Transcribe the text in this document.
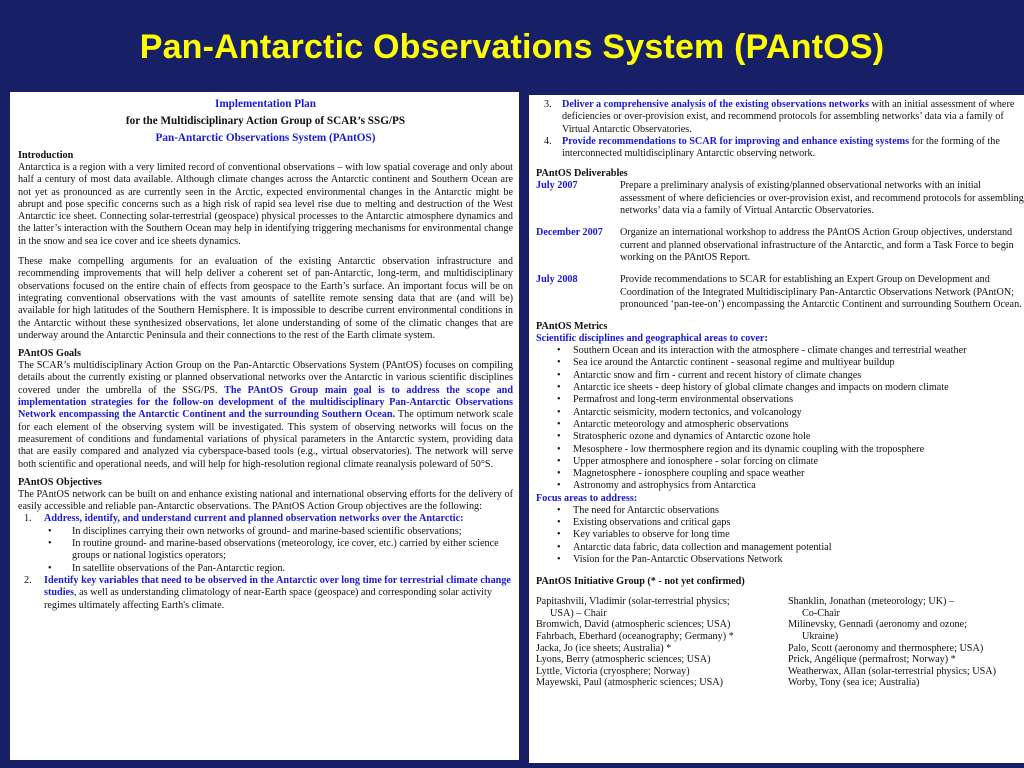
Pan-Antarctic Observations System (PAntOS)
Implementation Plan
for the Multidisciplinary Action Group of SCAR’s SSG/PS
Pan-Antarctic Observations System (PAntOS)
Introduction

Antarctica is a region with a very limited record of conventional observations – with low spatial coverage and only about half a century of most data available. Although climate changes across the Antarctic continent and Southern Ocean are not yet as pronounced as are currently seen in the Arctic, expected environmental changes in the Antarctic might be abrupt and pose specific concerns such as a high risk of rapid sea level rise due to melting and destruction of the West Antarctic ice sheet. Connecting solar-terrestrial (geospace) physical processes to the Antarctic atmosphere dynamics and the latter’s interaction with the Southern Ocean may help in identifying triggering mechanisms for environmental change in the snow and sea ice cover and ice sheets dynamics.

These make compelling arguments for an evaluation of the existing Antarctic observation infrastructure and recommending improvements that will help deliver a coherent set of pan-Antarctic, long-term, and multidisciplinary observations focused on the entire chain of effects from geospace to the Earth’s surface. An important focus will be on integrating conventional observations with the vast amounts of satellite remote sensing data that are (and will be) available for high latitudes of the Southern Hemisphere. It is impossible to describe current environmental conditions in the Antarctic without these synthesized observations, let alone understanding of some of the climatic changes that are underway around the Antarctic Peninsula and their connections to the rest of the Earth climate system.

PAntOS Goals

The SCAR’s multidisciplinary Action Group on the Pan-Antarctic Observations System (PAntOS) focuses on compiling details about the currently existing or planned observational networks over the Antarctic in various scientific disciplines covered under the umbrella of the SSG/PS. The PAntOS Group main goal is to address the scope and implementation strategies for the follow-on development of the multidisciplinary Pan-Antarctic Observations Network encompassing the Antarctic Continent and the surrounding Southern Ocean. The optimum network scale for each element of the observing system will be investigated. This system of observing networks will focus on the measurement of conditions and fundamental variations of physical parameters in the Antarctic system, providing data that are easily compared and analyzed via cyberspace-based tools (e.g., virtual observatories). The network will serve both scientific and operational needs, and will help for high-resolution regional climate reanalysis poleward of 50°S.

PAntOS Objectives

The PAntOS network can be built on and enhance existing national and international observing efforts for the delivery of easily accessible and reliable pan-Antarctic observations. The PAntOS Action Group objectives are the following:

1.	Address, identify, and understand current and planned observation networks over the Antarctic:
• In disciplines carrying their own networks of ground- and marine-based scientific observations;
• In routine ground- and marine-based observations (meteorology, ice cover, etc.) carried by either science groups or national logistics operators;
• In satellite observations of the Pan-Antarctic region.
2.	Identify key variables that need to be observed in the Antarctic over long time for terrestrial climate change studies, as well as understanding climatology of near-Earth space (geospace) and corresponding solar activity regimes ultimately affecting Earth's climate.
3.	Deliver a comprehensive analysis of the existing observations networks with an initial assessment of where deficiencies or over-provision exist, and recommend protocols for assembling networks’ data via a family of Virtual Antarctic Observatories.
4.	Provide recommendations to SCAR for improving and enhance existing systems for the forming of the interconnected multidisciplinary Antarctic observing network.
PAntOS Deliverables
July 2007	Prepare a preliminary analysis of existing/planned observational networks with an initial assessment of where deficiencies or over-provision exist, and recommend protocols for assembling networks’ data via a family of Virtual Antarctic Observatories.
December 2007	Organize an international workshop to address the PAntOS Action Group objectives, understand current and planned observational infrastructure of the Antarctic, and form a Task Force to begin working on the PAntOS Report.
July 2008	Provide recommendations to SCAR for establishing an Expert Group on Development and Coordination of the Integrated Multidisciplinary Pan-Antarctic Observations Network (PAntON; pronounced ‘pan-tee-on’) encompassing the Antarctic Continent and surrounding Southern Ocean.
PAntOS Metrics
Scientific disciplines and geographical areas to cover:
• Southern Ocean and its interaction with the atmosphere - climate changes and terrestrial weather
• Sea ice around the Antarctic continent - seasonal regime and multiyear buildup
• Antarctic snow and firn - current and recent history of climate changes
• Antarctic ice sheets - deep history of global climate changes and impacts on modern climate
• Permafrost and long-term environmental observations
• Antarctic seismicity, modern tectonics, and volcanology
• Antarctic meteorology and atmospheric observations
• Stratospheric ozone and dynamics of Antarctic ozone hole
• Mesosphere - low thermosphere region and its dynamic coupling with the troposphere
• Upper atmosphere and ionosphere - solar forcing on climate
• Magnetosphere - ionosphere coupling and space weather
• Astronomy and astrophysics from Antarctica
Focus areas to address:
• The need for Antarctic observations
• Existing observations and critical gaps
• Key variables to observe for long time
• Antarctic data fabric, data collection and management potential
• Vision for the Pan-Antarctic Observations Network
PAntOS Initiative Group (* - not yet confirmed)
Papitashvili, Vladimir (solar-terrestrial physics;	Shanklin, Jonathan (meteorology; UK) –
USA) – Chair	Co-Chair
Bromwich, David (atmospheric sciences; USA)	Milinevsky, Gennadi (aeronomy and ozone;
Fahrbach, Eberhard (oceanography; Germany) *	Ukraine)
Jacka, Jo (ice sheets; Australia) *	Palo, Scott (aeronomy and thermosphere; USA)
Lyons, Berry (atmospheric sciences; USA)	Prick, Angélique (permafrost; Norway) *
Lyttle, Victoria (cryosphere; Norway)	Weatherwax, Allan (solar-terrestrial physics; USA)
Mayewski, Paul (atmospheric sciences; USA)	Worby, Tony (sea ice; Australia)
